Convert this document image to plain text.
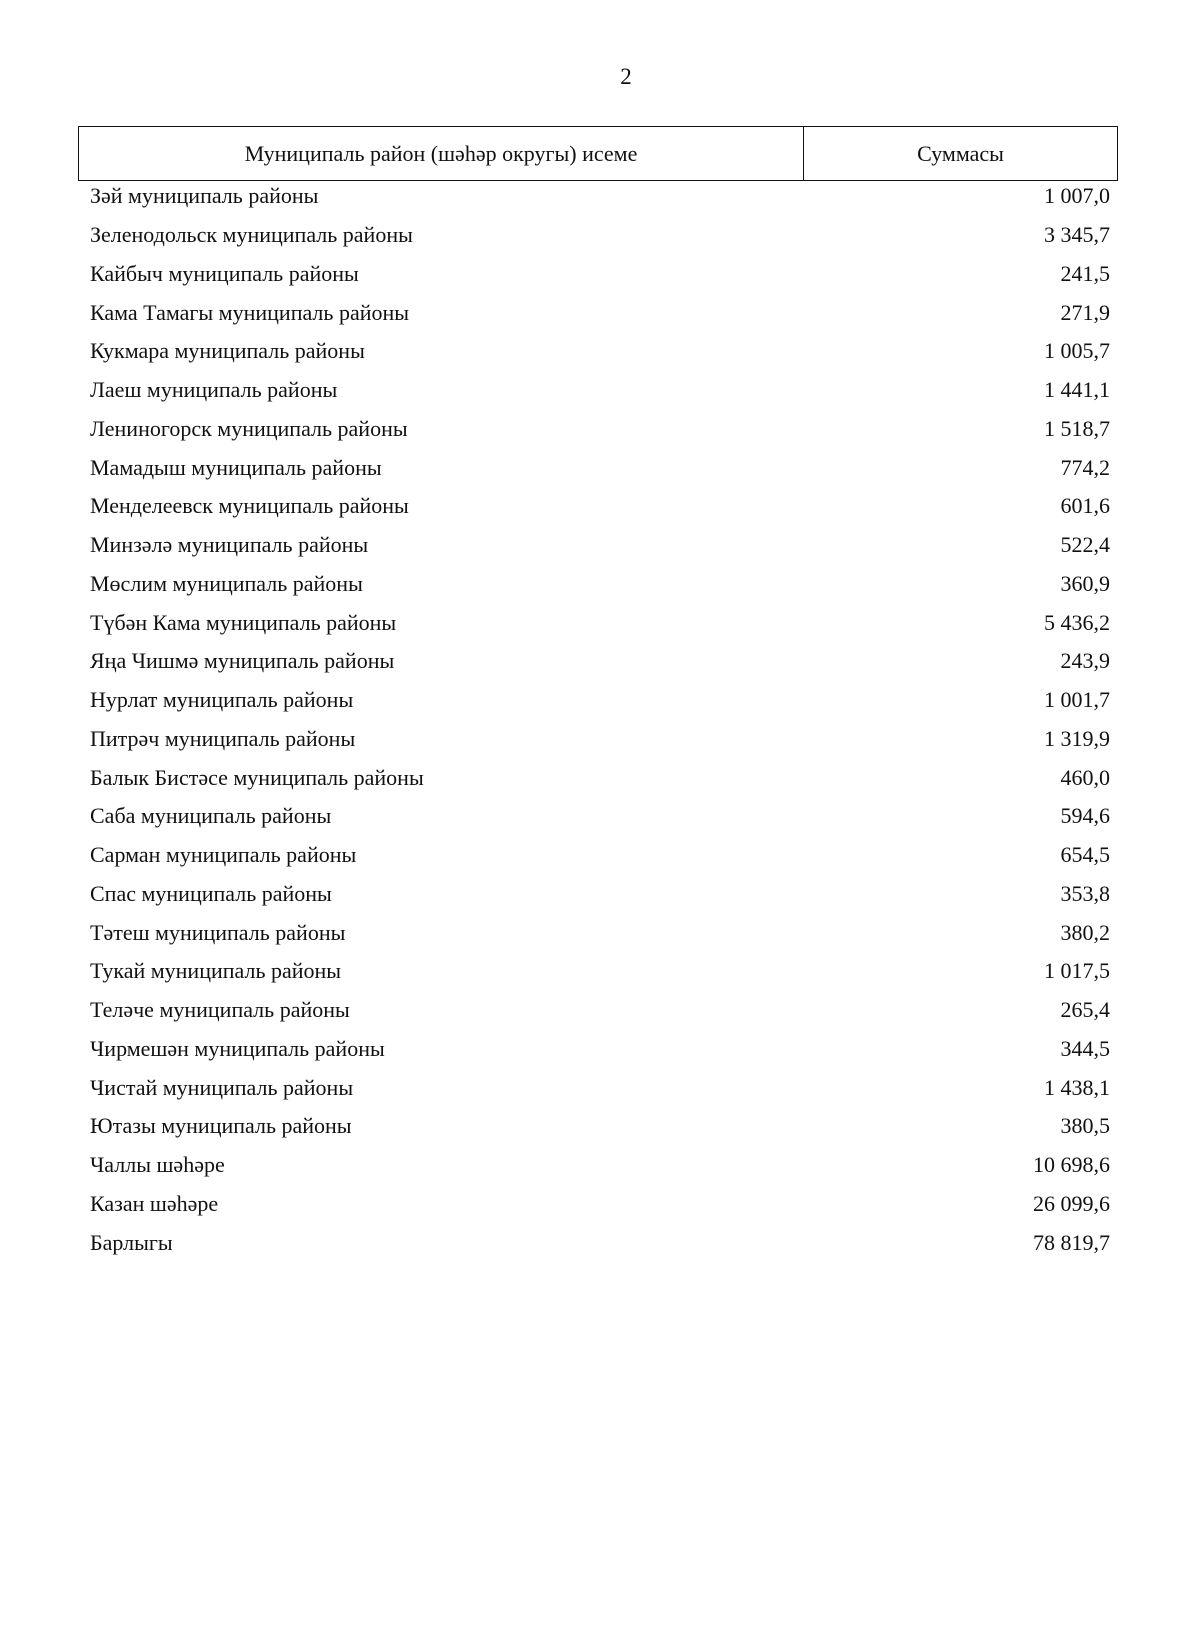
2
Муниципаль район (шәһәр округы) исеме	Суммасы
Зәй муниципаль районы	1 007,0
Зеленодольск муниципаль районы	3 345,7
Кайбыч муниципаль районы	241,5
Кама Тамагы муниципаль районы	271,9
Кукмара муниципаль районы	1 005,7
Лаеш муниципаль районы	1 441,1
Лениногорск муниципаль районы	1 518,7
Мамадыш муниципаль районы	774,2
Менделеевск муниципаль районы	601,6
Минзәлә муниципаль районы	522,4
Мөслим муниципаль районы	360,9
Түбән Кама муниципаль районы	5 436,2
Яңа Чишмә муниципаль районы	243,9
Нурлат муниципаль районы	1 001,7
Питрәч муниципаль районы	1 319,9
Балык Бистәсе муниципаль районы	460,0
Саба муниципаль районы	594,6
Сарман муниципаль районы	654,5
Спас муниципаль районы	353,8
Тәтеш муниципаль районы	380,2
Тукай муниципаль районы	1 017,5
Теләче муниципаль районы	265,4
Чирмешән муниципаль районы	344,5
Чистай муниципаль районы	1 438,1
Ютазы муниципаль районы	380,5
Чаллы шәһәре	10 698,6
Казан шәһәре	26 099,6
Барлыгы	78 819,7
